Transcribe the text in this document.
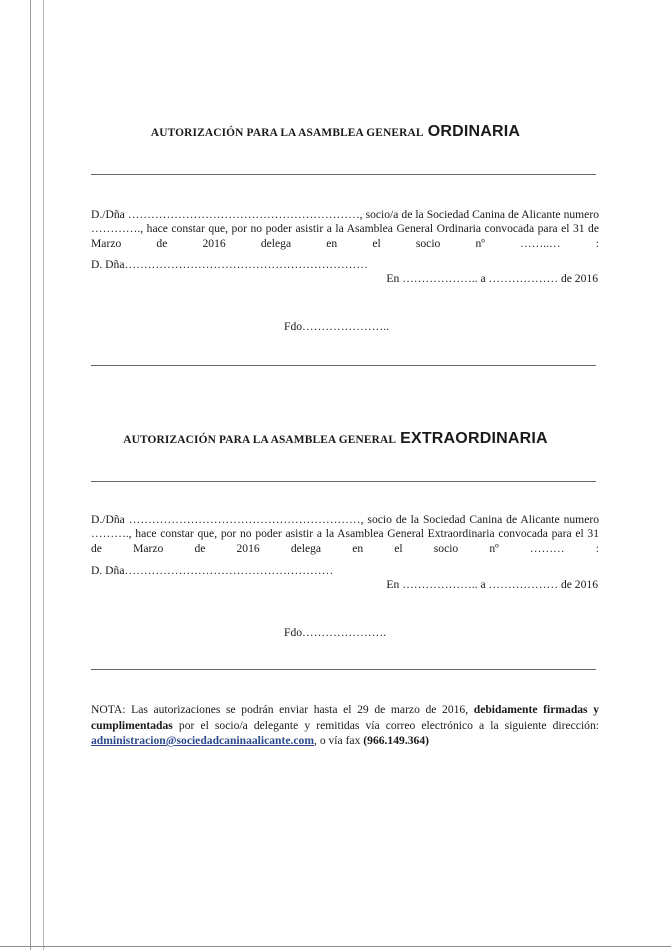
AUTORIZACIÓN PARA LA ASAMBLEA GENERAL ORDINARIA
D./Dña ……………………………………………………, socio/a de la Sociedad Canina de Alicante numero …………., hace constar que, por no poder asistir a la Asamblea General Ordinaria convocada para el 31 de Marzo de 2016 delega en el socio nº ……..… :
D. Dña………………………………………………………
En ……………….. a ……………… de 2016
Fdo…………………..
AUTORIZACIÓN PARA LA ASAMBLEA GENERAL EXTRAORDINARIA
D./Dña ……………………………………………………, socio de la Sociedad Canina de Alicante numero ………., hace constar que, por no poder asistir a la Asamblea General Extraordinaria convocada para el 31 de Marzo de 2016 delega en el socio nº ……… :
D. Dña………………………………………………
En ……………….. a ……………… de 2016
Fdo………………….
NOTA: Las autorizaciones se podrán enviar hasta el 29 de marzo de 2016, debidamente firmadas y cumplimentadas por el socio/a delegante y remitidas vía correo electrónico a la siguiente dirección: administracion@sociedadcaninaalicante.com, o vía fax (966.149.364)
